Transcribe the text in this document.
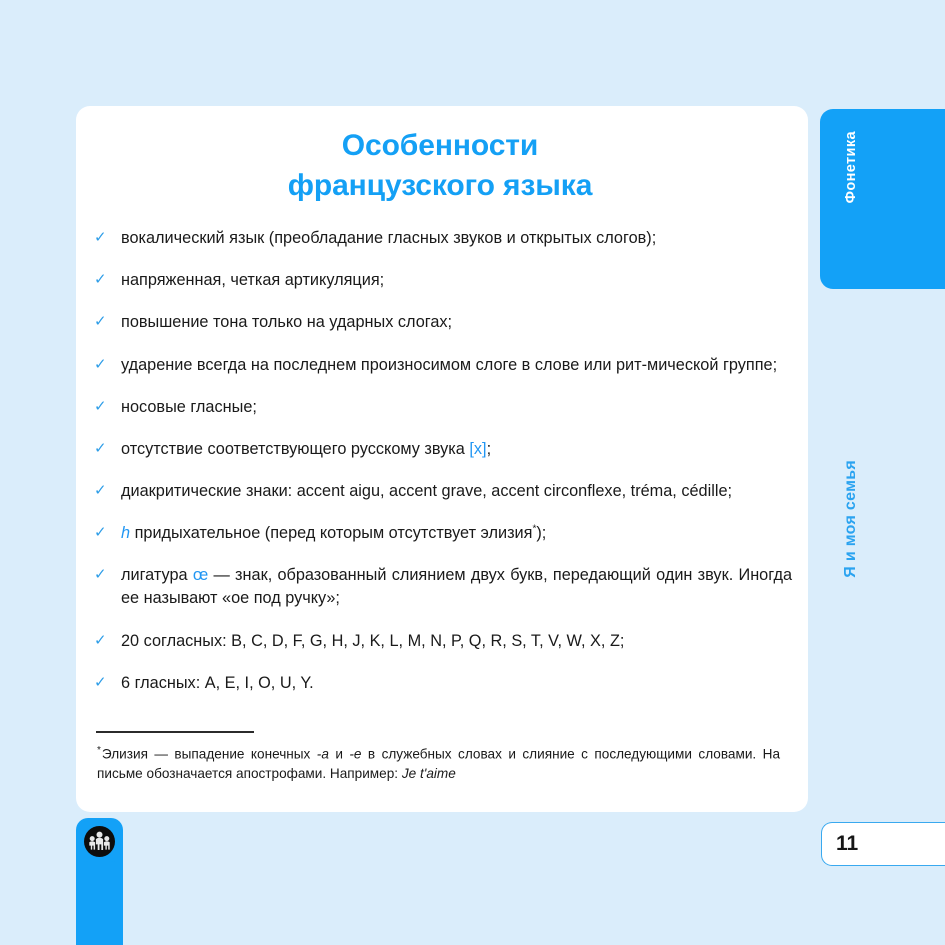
Особенности
французского языка
✓ вокалический язык (преобладание гласных звуков и открытых слогов);
✓ напряженная, четкая артикуляция;
✓ повышение тона только на ударных слогах;
✓ ударение всегда на последнем произносимом слоге в слове или рит-мической группе;
✓ носовые гласные;
✓ отсутствие соответствующего русскому звука [x];
✓ диакритические знаки: accent aigu, accent grave, accent circonflexe, tréma, cédille;
✓ h придыхательное (перед которым отсутствует элизия*);
✓ лигатура œ — знак, образованный слиянием двух букв, передающий один звук. Иногда ее называют «ое под ручку»;
✓ 20 согласных: B, C, D, F, G, H, J, K, L, M, N, P, Q, R, S, T, V, W, X, Z;
✓ 6 гласных: A, E, I, O, U, Y.
*Элизия — выпадение конечных -а и -е в служебных словах и слияние с последующими словами. На письме обозначается апострофами. Например: Je t'aime
Фонетика
Я и моя семья
11
